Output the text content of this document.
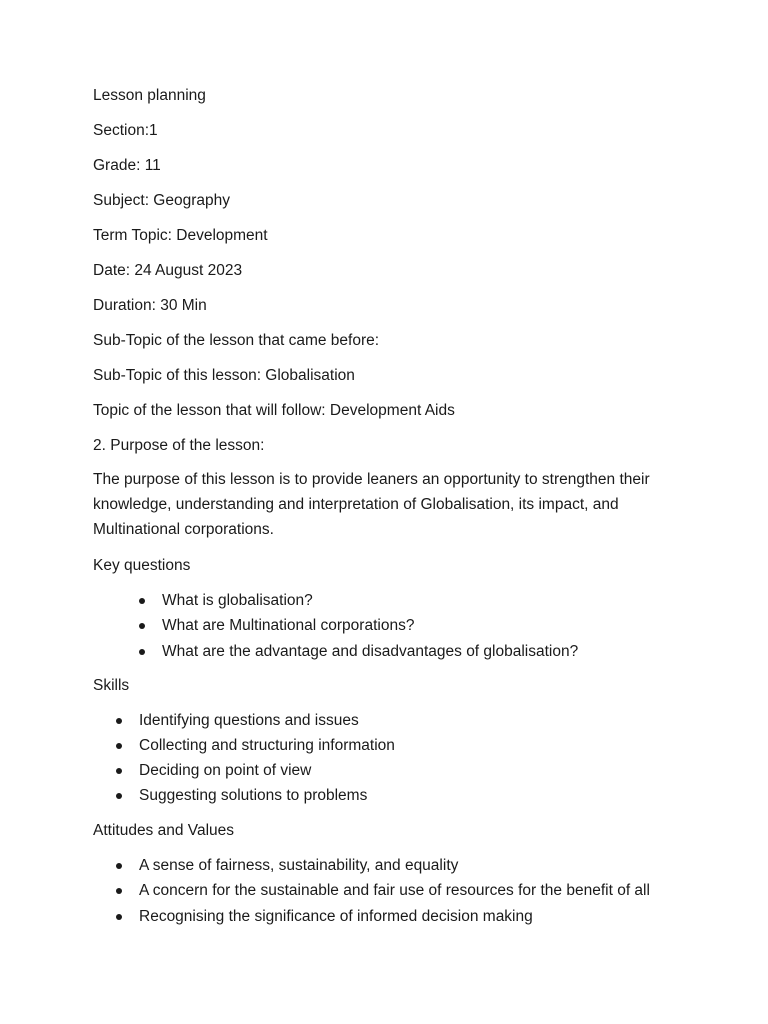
Lesson planning
Section:1
Grade: 11
Subject: Geography
Term Topic: Development
Date: 24 August 2023
Duration: 30 Min
Sub-Topic of the lesson that came before:
Sub-Topic of this lesson: Globalisation
Topic of the lesson that will follow: Development Aids
2. Purpose of the lesson:
The purpose of this lesson is to provide leaners an opportunity to strengthen their knowledge, understanding and interpretation of Globalisation, its impact, and Multinational corporations.
Key questions
What is globalisation?
What are Multinational corporations?
What are the advantage and disadvantages of globalisation?
Skills
Identifying questions and issues
Collecting and structuring information
Deciding on point of view
Suggesting solutions to problems
Attitudes and Values
A sense of fairness, sustainability, and equality
A concern for the sustainable and fair use of resources for the benefit of all
Recognising the significance of informed decision making
